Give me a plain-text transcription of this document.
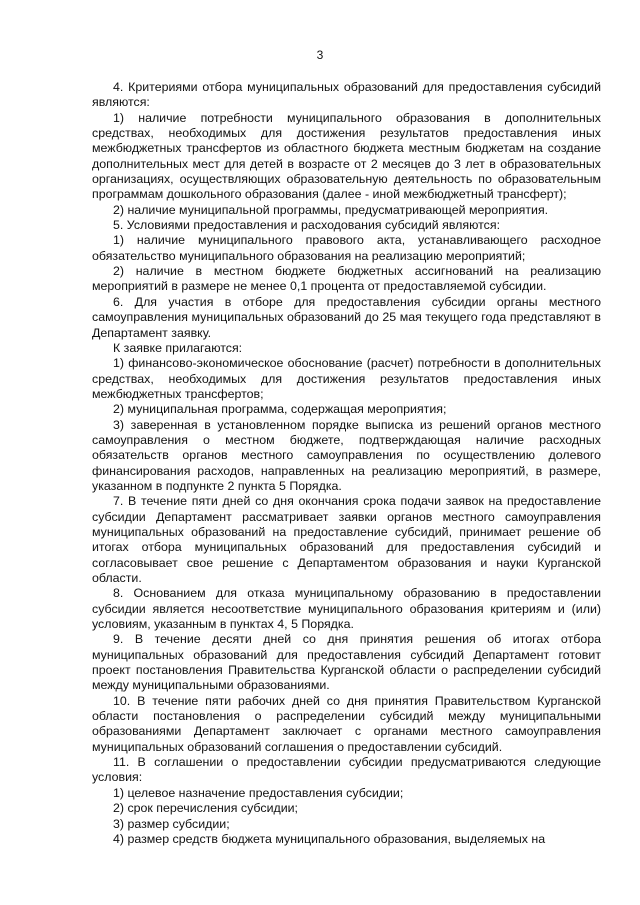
3

4. Критериями отбора муниципальных образований для предоставления субсидий являются:

1) наличие потребности муниципального образования в дополнительных средствах, необходимых для достижения результатов предоставления иных межбюджетных трансфертов из областного бюджета местным бюджетам на создание дополнительных мест для детей в возрасте от 2 месяцев до 3 лет в образовательных организациях, осуществляющих образовательную деятельность по образовательным программам дошкольного образования (далее - иной межбюджетный трансферт);

2) наличие муниципальной программы, предусматривающей мероприятия.

5. Условиями предоставления и расходования субсидий являются:

1) наличие муниципального правового акта, устанавливающего расходное обязательство муниципального образования на реализацию мероприятий;

2) наличие в местном бюджете бюджетных ассигнований на реализацию мероприятий в размере не менее 0,1 процента от предоставляемой субсидии.

6. Для участия в отборе для предоставления субсидии органы местного самоуправления муниципальных образований до 25 мая текущего года представляют в Департамент заявку.

К заявке прилагаются:

1) финансово-экономическое обоснование (расчет) потребности в дополнительных средствах, необходимых для достижения результатов предоставления иных межбюджетных трансфертов;

2) муниципальная программа, содержащая мероприятия;

3) заверенная в установленном порядке выписка из решений органов местного самоуправления о местном бюджете, подтверждающая наличие расходных обязательств органов местного самоуправления по осуществлению долевого финансирования расходов, направленных на реализацию мероприятий, в размере, указанном в подпункте 2 пункта 5 Порядка.

7. В течение пяти дней со дня окончания срока подачи заявок на предоставление субсидии Департамент рассматривает заявки органов местного самоуправления муниципальных образований на предоставление субсидий, принимает решение об итогах отбора муниципальных образований для предоставления субсидий и согласовывает свое решение с Департаментом образования и науки Курганской области.

8. Основанием для отказа муниципальному образованию в предоставлении субсидии является несоответствие муниципального образования критериям и (или) условиям, указанным в пунктах 4, 5 Порядка.

9. В течение десяти дней со дня принятия решения об итогах отбора муниципальных образований для предоставления субсидий Департамент готовит проект постановления Правительства Курганской области о распределении субсидий между муниципальными образованиями.

10. В течение пяти рабочих дней со дня принятия Правительством Курганской области постановления о распределении субсидий между муниципальными образованиями Департамент заключает с органами местного самоуправления муниципальных образований соглашения о предоставлении субсидий.

11. В соглашении о предоставлении субсидии предусматриваются следующие условия:

1) целевое назначение предоставления субсидии;

2) срок перечисления субсидии;

3) размер субсидии;

4) размер средств бюджета муниципального образования, выделяемых на
